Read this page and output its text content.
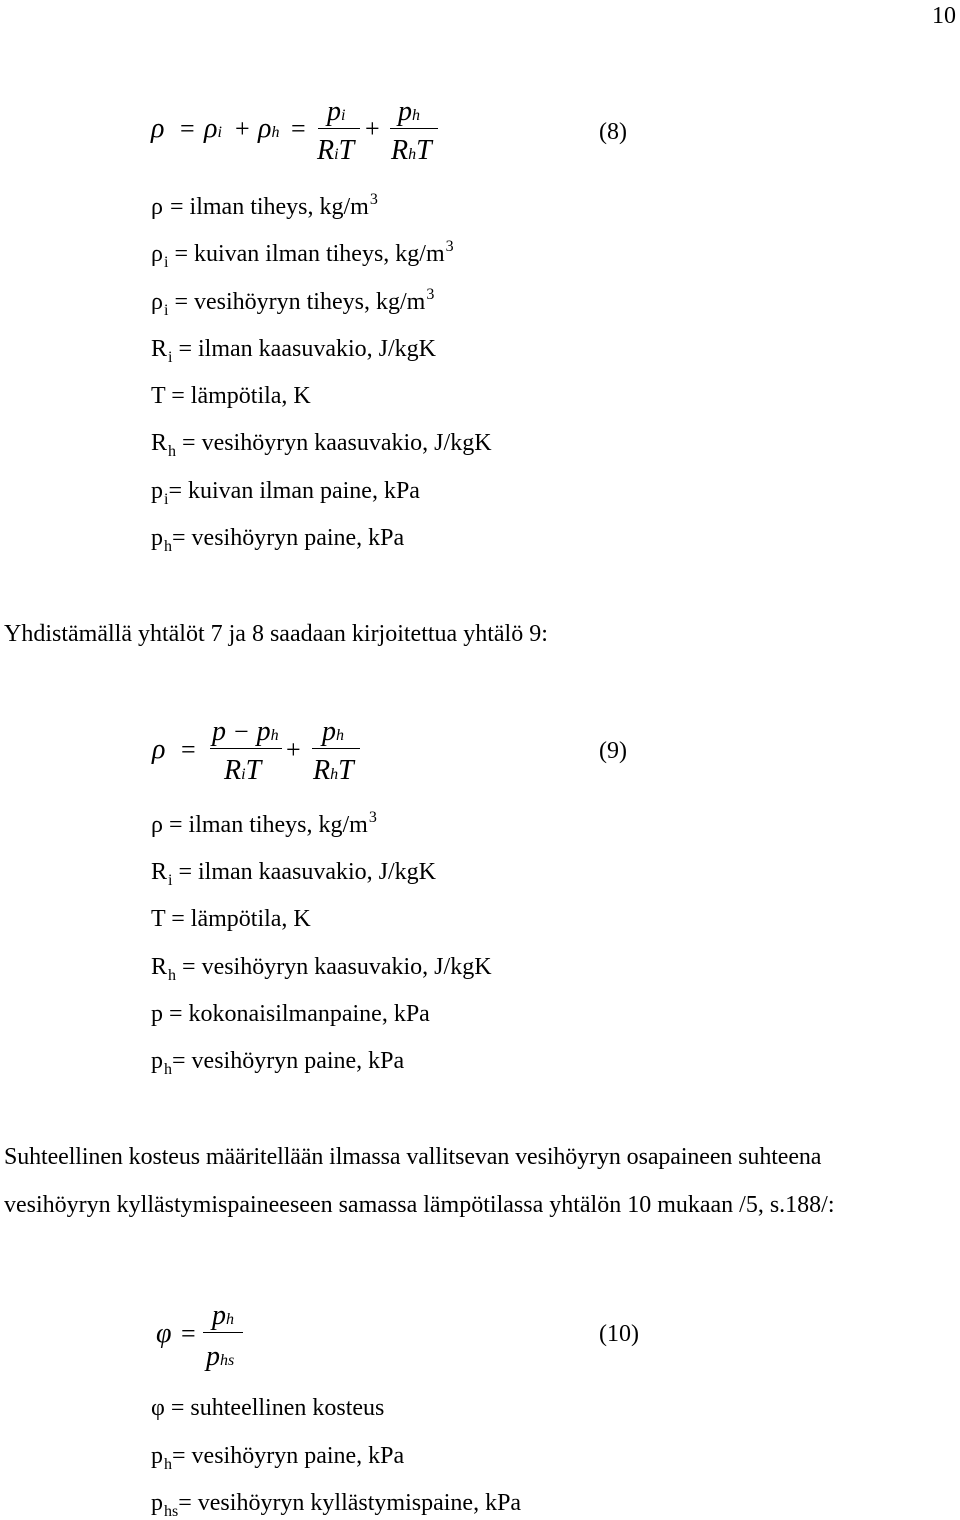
10
ρ = ρi + ρh =
pi
RiT
+
ph
RhT
(8)
ρ = ilman tiheys, $kg/m^3$
$\rho_i$ = kuivan ilman tiheys, $kg/m^3$
$\rho_i$ = vesihöyryn tiheys, $kg/m^3$
$R_i$ = ilman kaasuvakio, J/kgK
T = lämpötila, K
$R_h$ = vesihöyryn kaasuvakio, J/kgK
$p_i=$ kuivan ilman paine, kPa
$p_h=$ vesihöyryn paine, kPa
Yhdistämällä yhtälöt 7 ja 8 saadaan kirjoitettua yhtälö 9:
ρ =
p − ph
RiT
+
ph
RhT
(9)
ρ = ilman tiheys, $kg/m^3$
$R_i$ = ilman kaasuvakio, J/kgK
T = lämpötila, K
$R_h$ = vesihöyryn kaasuvakio, J/kgK
p = kokonaisilmanpaine, kPa
$p_h=$ vesihöyryn paine, kPa
Suhteellinen kosteus määritellään ilmassa vallitsevan vesihöyryn osapaineen suhteena
vesihöyryn kyllästymispaineeseen samassa lämpötilassa yhtälön 10 mukaan /5, s.188/:
φ =
ph
phs
(10)
φ = suhteellinen kosteus
$p_h=$ vesihöyryn paine, kPa
$p_{hs}=$ vesihöyryn kyllästymispaine, kPa
